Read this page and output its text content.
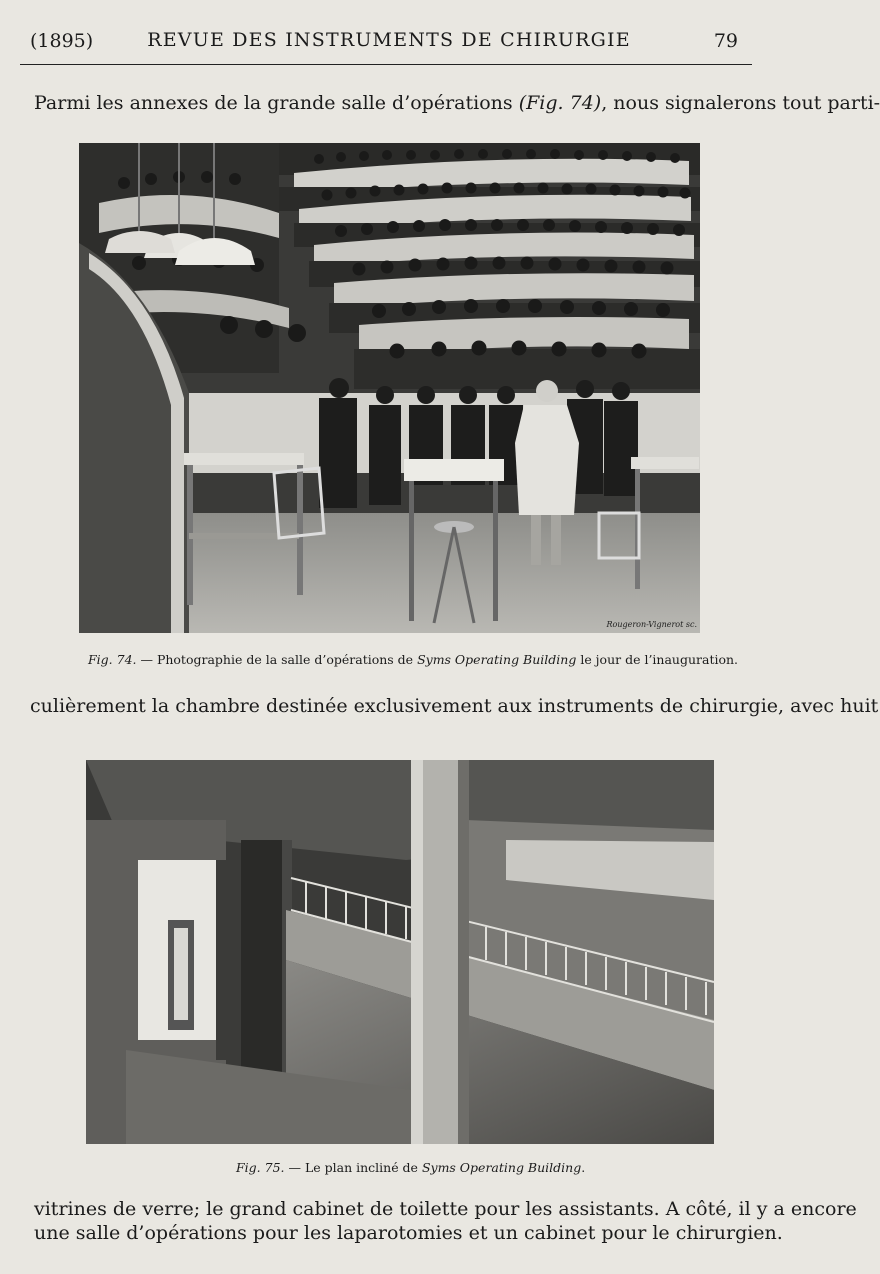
(1895)	REVUE DES INSTRUMENTS DE CHIRURGIE	79
Parmi les annexes de la grande salle d’opérations (Fig. 74), nous signalerons tout parti-
Rougeron-Vignerot sc.
Fig. 74. — Photographie de la salle d’opérations de Syms Operating Building le jour de l’inauguration.
culièrement la chambre destinée exclusivement aux instruments de chirurgie, avec huit
Fig. 75. — Le plan incliné de Syms Operating Building.
vitrines de verre; le grand cabinet de toilette pour les assistants. A côté, il y a encore
une salle d’opérations pour les laparotomies et un cabinet pour le chirurgien.
